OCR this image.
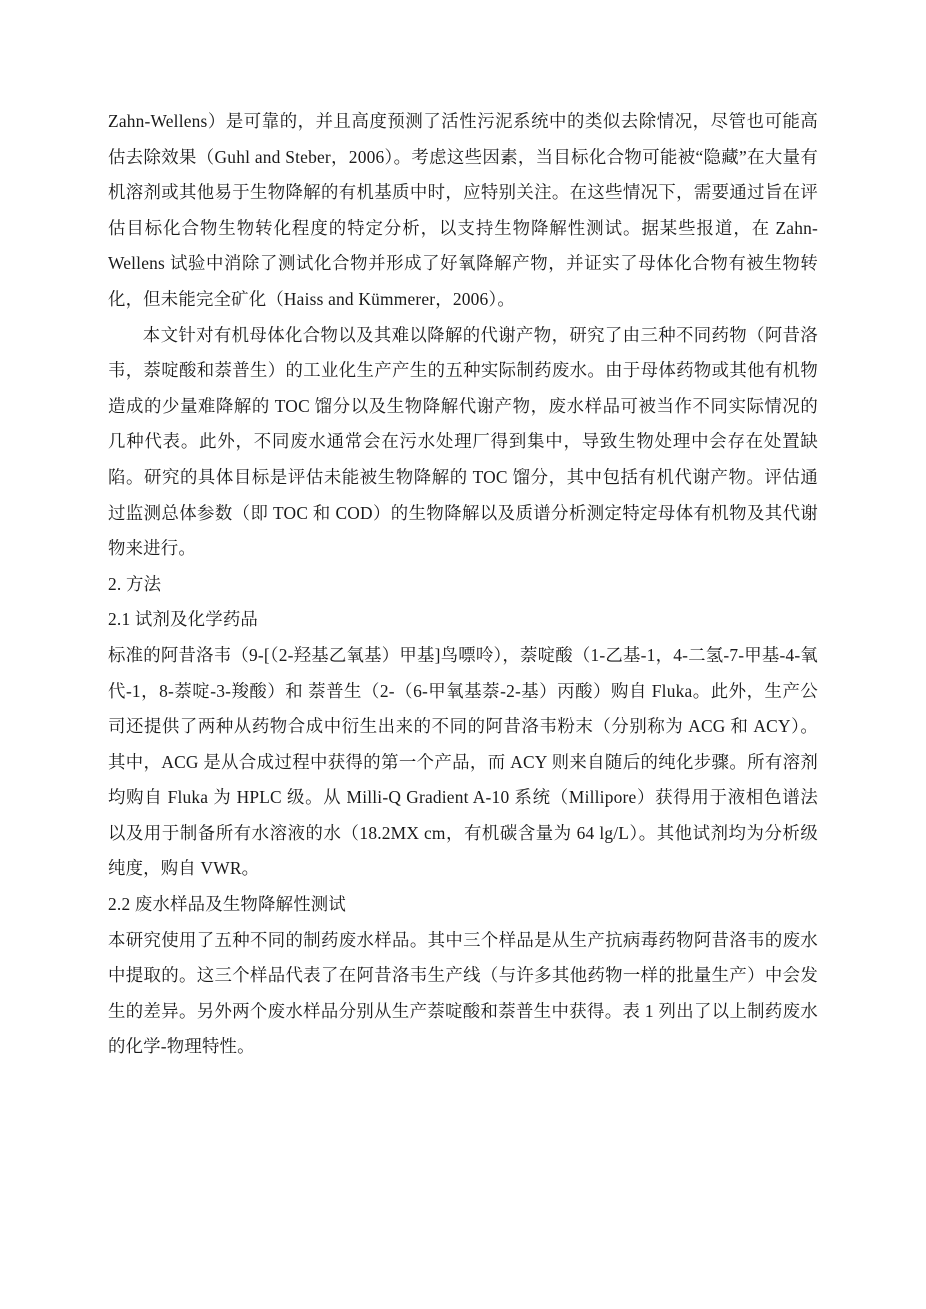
Zahn-Wellens）是可靠的，并且高度预测了活性污泥系统中的类似去除情况，尽管也可能高估去除效果（Guhl and Steber，2006）。考虑这些因素，当目标化合物可能被“隐藏”在大量有机溶剂或其他易于生物降解的有机基质中时，应特别关注。在这些情况下，需要通过旨在评估目标化合物生物转化程度的特定分析，以支持生物降解性测试。据某些报道，在 Zahn-Wellens 试验中消除了测试化合物并形成了好氧降解产物，并证实了母体化合物有被生物转化，但未能完全矿化（Haiss and Kümmerer，2006）。

本文针对有机母体化合物以及其难以降解的代谢产物，研究了由三种不同药物（阿昔洛韦，萘啶酸和萘普生）的工业化生产产生的五种实际制药废水。由于母体药物或其他有机物造成的少量难降解的 TOC 馏分以及生物降解代谢产物，废水样品可被当作不同实际情况的几种代表。此外，不同废水通常会在污水处理厂得到集中，导致生物处理中会存在处置缺陷。研究的具体目标是评估未能被生物降解的 TOC 馏分，其中包括有机代谢产物。评估通过监测总体参数（即 TOC 和 COD）的生物降解以及质谱分析测定特定母体有机物及其代谢物来进行。

2. 方法

2.1 试剂及化学药品

标准的阿昔洛韦（9-[（2-羟基乙氧基）甲基]鸟嘌呤），萘啶酸（1-乙基-1，4-二氢-7-甲基-4-氧代-1，8-萘啶-3-羧酸）和 萘普生（2-（6-甲氧基萘-2-基）丙酸）购自 Fluka。此外，生产公司还提供了两种从药物合成中衍生出来的不同的阿昔洛韦粉末（分别称为 ACG 和 ACY）。其中，ACG 是从合成过程中获得的第一个产品，而 ACY 则来自随后的纯化步骤。所有溶剂均购自 Fluka 为 HPLC 级。从 Milli-Q Gradient A-10 系统（Millipore）获得用于液相色谱法以及用于制备所有水溶液的水（18.2MX cm，有机碳含量为 64 lg/L）。其他试剂均为分析级纯度，购自 VWR。

2.2 废水样品及生物降解性测试

本研究使用了五种不同的制药废水样品。其中三个样品是从生产抗病毒药物阿昔洛韦的废水中提取的。这三个样品代表了在阿昔洛韦生产线（与许多其他药物一样的批量生产）中会发生的差异。另外两个废水样品分别从生产萘啶酸和萘普生中获得。表 1 列出了以上制药废水的化学-物理特性。
